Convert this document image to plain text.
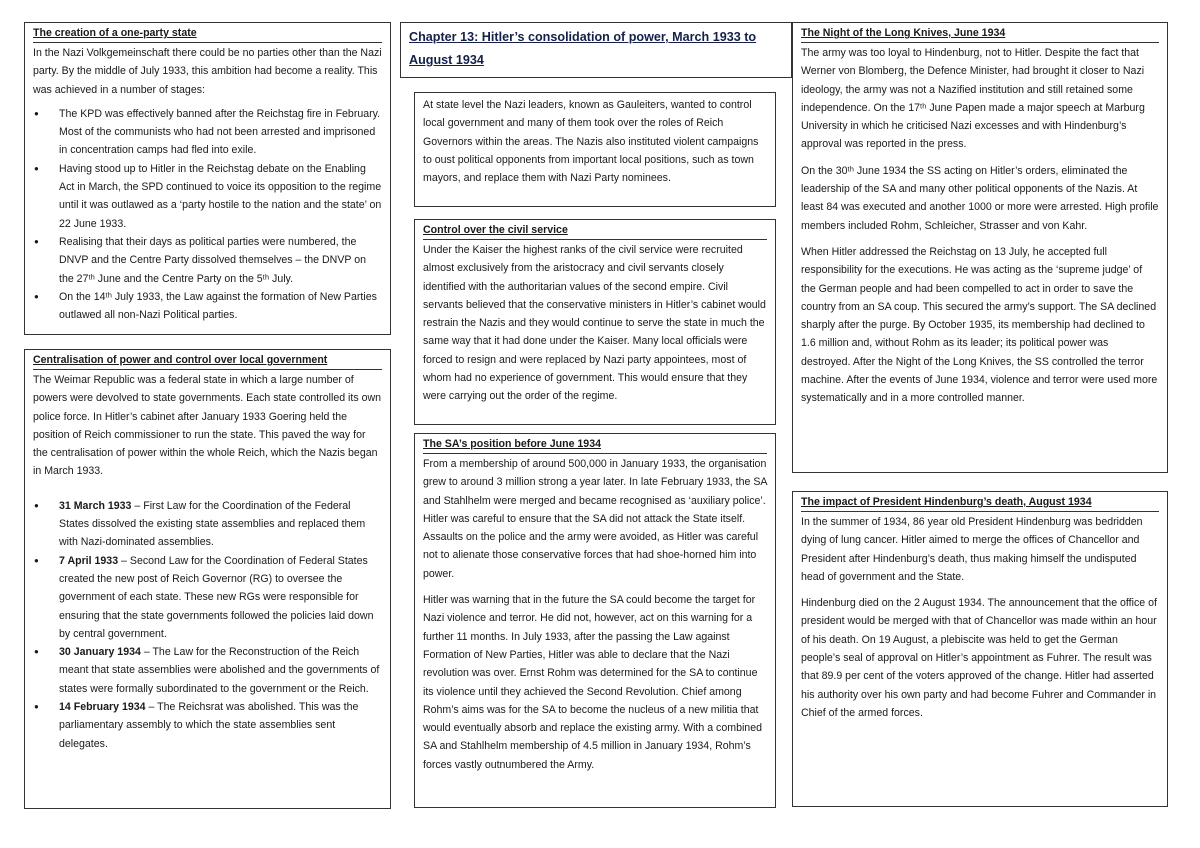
The creation of a one-party state

In the Nazi Volkgemeinschaft there could be no parties other than the Nazi party. By the middle of July 1933, this ambition had become a reality. This was achieved in a number of stages:

● The KPD was effectively banned after the Reichstag fire in February. Most of the communists who had not been arrested and imprisoned in concentration camps had fled into exile.
● Having stood up to Hitler in the Reichstag debate on the Enabling Act in March, the SPD continued to voice its opposition to the regime until it was outlawed as a ‘party hostile to the nation and the state’ on 22 June 1933.
● Realising that their days as political parties were numbered, the DNVP and the Centre Party dissolved themselves – the DNVP on the 27ᵗʰ June and the Centre Party on the 5ᵗʰ July.
● On the 14ᵗʰ July 1933, the Law against the formation of New Parties outlawed all non-Nazi Political parties.
Centralisation of power and control over local government

The Weimar Republic was a federal state in which a large number of powers were devolved to state governments. Each state controlled its own police force. In Hitler’s cabinet after January 1933 Goering held the position of Reich commissioner to run the state. This paved the way for the centralisation of power within the whole Reich, which the Nazis began in March 1933.

● 31 March 1933 – First Law for the Coordination of the Federal States dissolved the existing state assemblies and replaced them with Nazi-dominated assemblies.
● 7 April 1933 – Second Law for the Coordination of Federal States created the new post of Reich Governor (RG) to oversee the government of each state. These new RGs were responsible for ensuring that the state governments followed the policies laid down by central government.
● 30 January 1934 – The Law for the Reconstruction of the Reich meant that state assemblies were abolished and the governments of states were formally subordinated to the government or the Reich.
● 14 February 1934 – The Reichsrat was abolished. This was the parliamentary assembly to which the state assemblies sent delegates.
Chapter 13: Hitler’s consolidation of power, March 1933 to August 1934

At state level the Nazi leaders, known as Gauleiters, wanted to control local government and many of them took over the roles of Reich Governors within the areas. The Nazis also instituted violent campaigns to oust political opponents from important local positions, such as town mayors, and replace them with Nazi Party nominees.

Control over the civil service

Under the Kaiser the highest ranks of the civil service were recruited almost exclusively from the aristocracy and civil servants closely identified with the authoritarian values of the second empire. Civil servants believed that the conservative ministers in Hitler’s cabinet would restrain the Nazis and they would continue to serve the state in much the same way that it had done under the Kaiser. Many local officials were forced to resign and were replaced by Nazi party appointees, most of whom had no experience of government. This would ensure that they were carrying out the order of the regime.

The SA’s position before June 1934

From a membership of around 500,000 in January 1933, the organisation grew to around 3 million strong a year later. In late February 1933, the SA and Stahlhelm were merged and became recognised as ‘auxiliary police’. Hitler was careful to ensure that the SA did not attack the State itself. Assaults on the police and the army were avoided, as Hitler was careful not to alienate those conservative forces that had shoe-horned him into power.

Hitler was warning that in the future the SA could become the target for Nazi violence and terror. He did not, however, act on this warning for a further 11 months. In July 1933, after the passing the Law against Formation of New Parties, Hitler was able to declare that the Nazi revolution was over. Ernst Rohm was determined for the SA to continue its violence until they achieved the Second Revolution. Chief among Rohm’s aims was for the SA to become the nucleus of a new militia that would eventually absorb and replace the existing army. With a combined SA and Stahlhelm membership of 4.5 million in January 1934, Rohm’s forces vastly outnumbered the Army.

The Night of the Long Knives, June 1934

The army was too loyal to Hindenburg, not to Hitler. Despite the fact that Werner von Blomberg, the Defence Minister, had brought it closer to Nazi ideology, the army was not a Nazified institution and still retained some independence. On the 17ᵗʰ June Papen made a major speech at Marburg University in which he criticised Nazi excesses and with Hindenburg’s approval was reported in the press.

On the 30ᵗʰ June 1934 the SS acting on Hitler’s orders, eliminated the leadership of the SA and many other political opponents of the Nazis. At least 84 was executed and another 1000 or more were arrested. High profile members included Rohm, Schleicher, Strasser and von Kahr.

When Hitler addressed the Reichstag on 13 July, he accepted full responsibility for the executions. He was acting as the ‘supreme judge’ of the German people and had been compelled to act in order to save the country from an SA coup. This secured the army’s support. The SA declined sharply after the purge. By October 1935, its membership had declined to 1.6 million and, without Rohm as its leader; its political power was destroyed. After the Night of the Long Knives, the SS controlled the terror machine. After the events of June 1934, violence and terror were used more systematically and in a more controlled manner.

The impact of President Hindenburg’s death, August 1934

In the summer of 1934, 86 year old President Hindenburg was bedridden dying of lung cancer. Hitler aimed to merge the offices of Chancellor and President after Hindenburg’s death, thus making himself the undisputed head of government and the State.

Hindenburg died on the 2 August 1934. The announcement that the office of president would be merged with that of Chancellor was made within an hour of his death. On 19 August, a plebiscite was held to get the German people’s seal of approval on Hitler’s appointment as Fuhrer. The result was that 89.9 per cent of the voters approved of the change. Hitler had asserted his authority over his own party and had become Fuhrer and Commander in Chief of the armed forces.
